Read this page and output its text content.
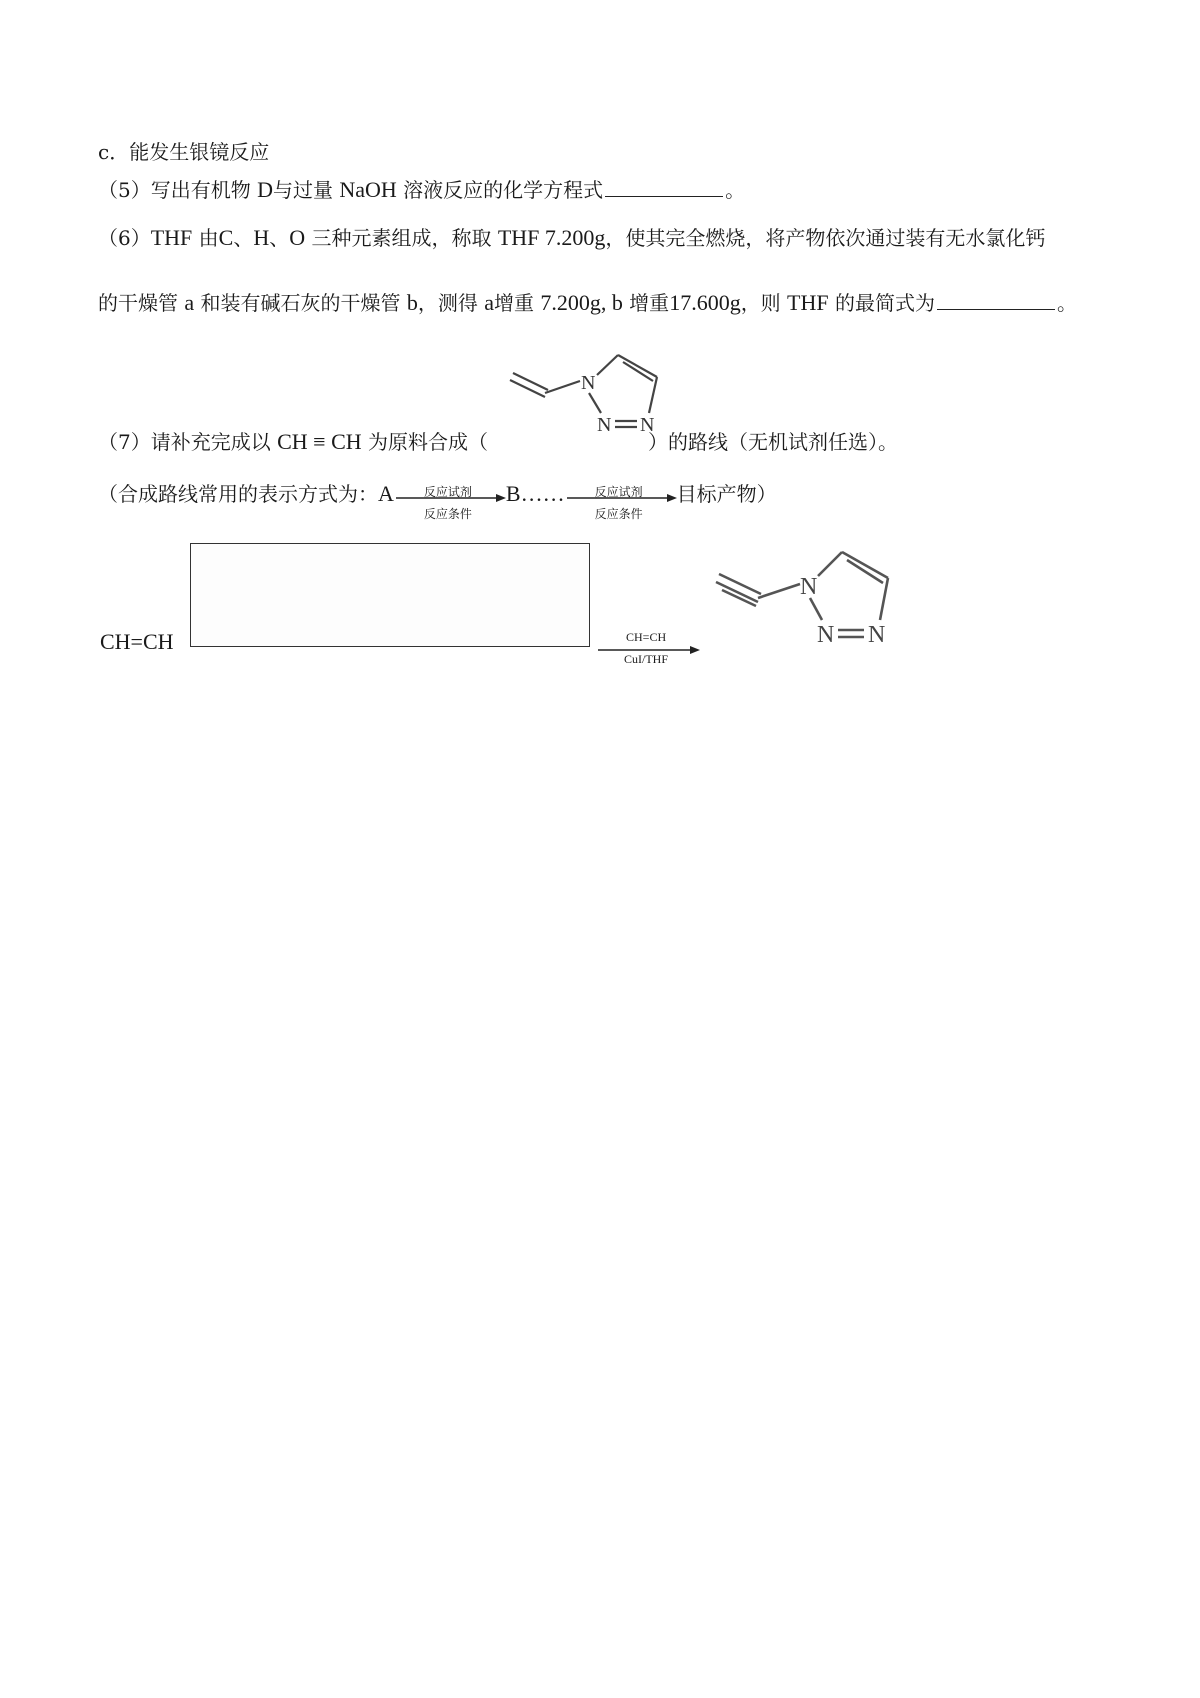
c．能发生银镜反应
（5）写出有机物 D与过量 NaOH 溶液反应的化学方程式	。
（6）THF 由C、H、O 三种元素组成，称取 THF 7.200g，使其完全燃烧，将产物依次通过装有无水氯化钙
的干燥管 a 和装有碱石灰的干燥管 b，测得 a增重 7.200g, b 增重17.600g，则 THF 的最简式为	。
N
N N
（7）请补充完成以 CH ≡ CH 为原料合成（	）的路线（无机试剂任选）。
（合成路线常用的表示方式为：A	反应试剂
反应条件
B……	反应试剂
反应条件
目标产物）
CH=CH	CH=CH
CuI/THF
N
N N
